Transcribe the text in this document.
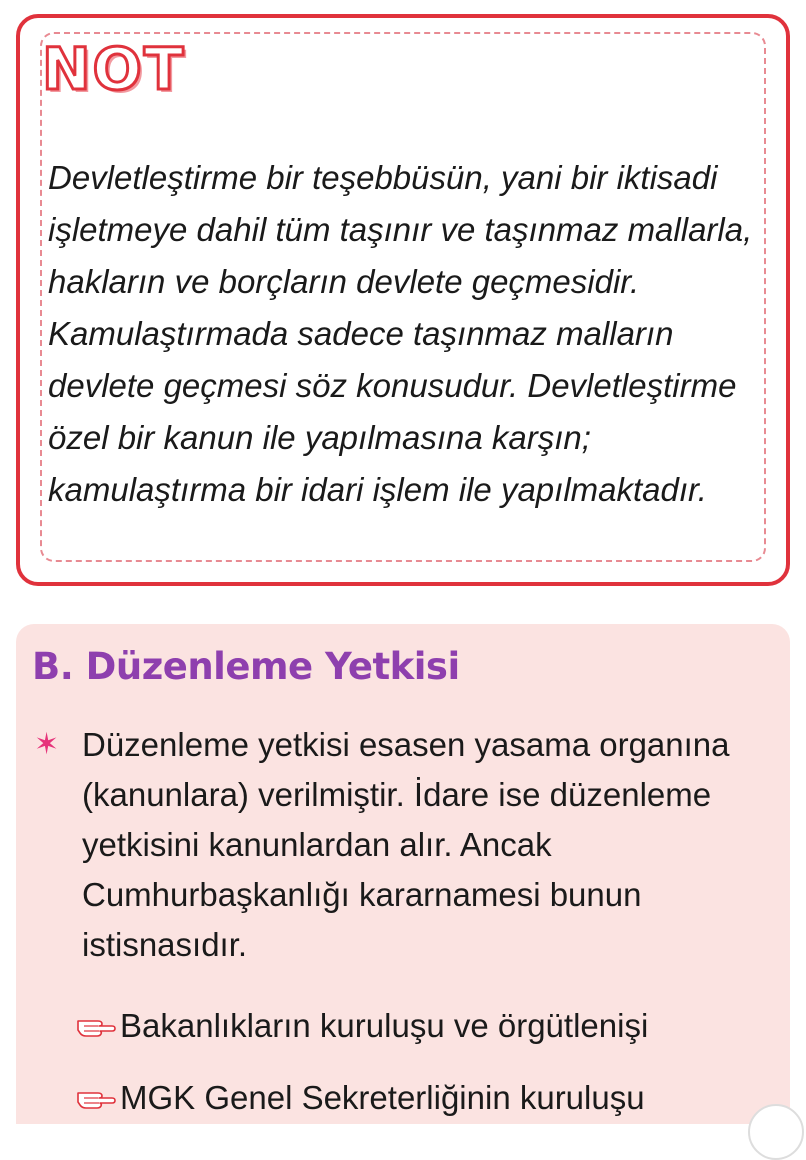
NOT

Devletleştirme bir teşebbüsün, yani bir iktisadi işletmeye dahil tüm taşınır ve taşınmaz mallarla, hakların ve borçların devlete geçmesidir. Kamulaştırmada sadece taşınmaz malların devlete geçmesi söz konusudur. Devletleştirme özel bir kanun ile yapılmasına karşın; kamulaştırma bir idari işlem ile yapılmaktadır.

B. Düzenleme Yetkisi
✶ Düzenleme yetkisi esasen yasama organına (kanunlara) verilmiştir. İdare ise düzenleme yetkisini kanunlardan alır. Ancak Cumhurbaşkanlığı kararnamesi bunun istisnasıdır.

Bakanlıkların kuruluşu ve örgütlenişi
MGK Genel Sekreterliğinin kuruluşu
